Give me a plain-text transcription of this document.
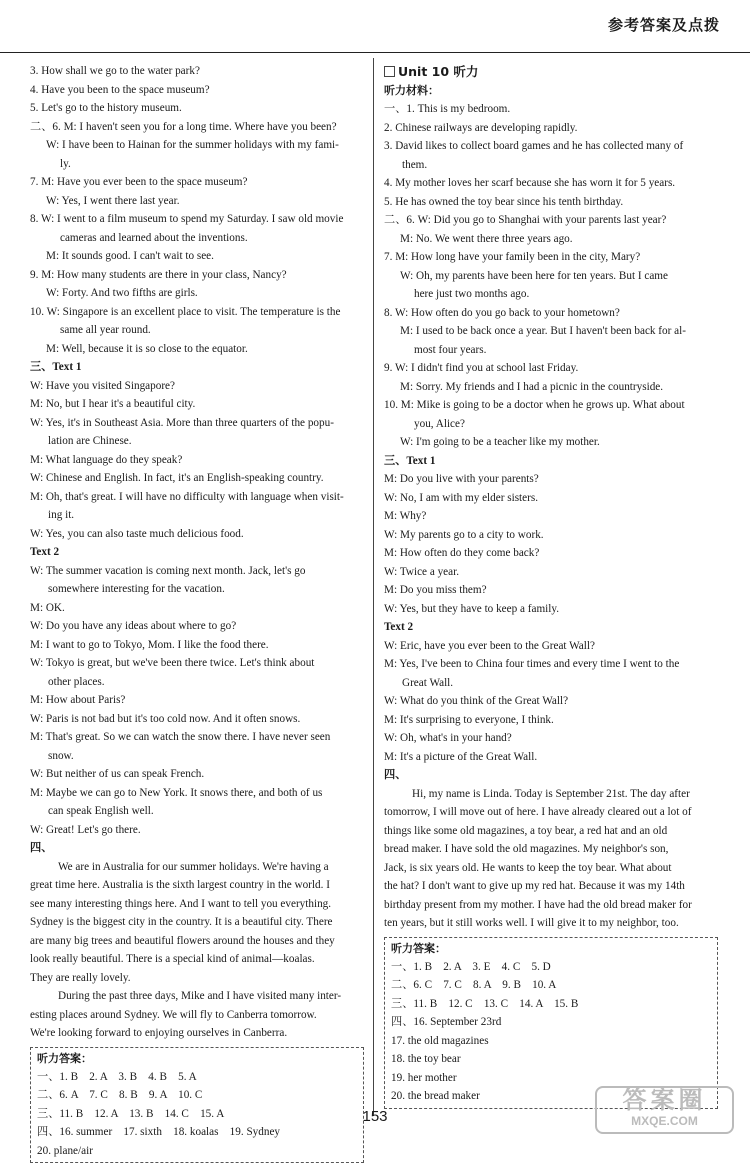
参考答案及点拨
3. How shall we go to the water park?
4. Have you been to the space museum?
5. Let's go to the history museum.
二、6. M: I haven't seen you for a long time. Where have you been?
W: I have been to Hainan for the summer holidays with my fami-
ly.
7. M: Have you ever been to the space museum?
W: Yes, I went there last year.
8. W: I went to a film museum to spend my Saturday. I saw old movie
cameras and learned about the inventions.
M: It sounds good. I can't wait to see.
9. M: How many students are there in your class, Nancy?
W: Forty. And two fifths are girls.
10. W: Singapore is an excellent place to visit. The temperature is the
same all year round.
M: Well, because it is so close to the equator.
三、Text 1
W: Have you visited Singapore?
M: No, but I hear it's a beautiful city.
W: Yes, it's in Southeast Asia. More than three quarters of the popu-
lation are Chinese.
M: What language do they speak?
W: Chinese and English. In fact, it's an English-speaking country.
M: Oh, that's great. I will have no difficulty with language when visit-
ing it.
W: Yes, you can also taste much delicious food.
Text 2
W: The summer vacation is coming next month. Jack, let's go
somewhere interesting for the vacation.
M: OK.
W: Do you have any ideas about where to go?
M: I want to go to Tokyo, Mom. I like the food there.
W: Tokyo is great, but we've been there twice. Let's think about
other places.
M: How about Paris?
W: Paris is not bad but it's too cold now. And it often snows.
M: That's great. So we can watch the snow there. I have never seen
snow.
W: But neither of us can speak French.
M: Maybe we can go to New York. It snows there, and both of us
can speak English well.
W: Great! Let's go there.
四、
We are in Australia for our summer holidays. We're having a
great time here. Australia is the sixth largest country in the world. I
see many interesting things here. And I want to tell you everything.
Sydney is the biggest city in the country. It is a beautiful city. There
are many big trees and beautiful flowers around the houses and they
look really beautiful. There is a special kind of animal—koalas.
They are really lovely.
During the past three days, Mike and I have visited many inter-
esting places around Sydney. We will fly to Canberra tomorrow.
We're looking forward to enjoying ourselves in Canberra.
听力答案：
一、1. B　2. A　3. B　4. B　5. A
二、6. A　7. C　8. B　9. A　10. C
三、11. B　12. A　13. B　14. C　15. A
四、16. summer　17. sixth　18. koalas　19. Sydney
20. plane/air
Unit 10 听力
听力材料：
一、1. This is my bedroom.
2. Chinese railways are developing rapidly.
3. David likes to collect board games and he has collected many of
them.
4. My mother loves her scarf because she has worn it for 5 years.
5. He has owned the toy bear since his tenth birthday.
二、6. W: Did you go to Shanghai with your parents last year?
M: No. We went there three years ago.
7. M: How long have your family been in the city, Mary?
W: Oh, my parents have been here for ten years. But I came
here just two months ago.
8. W: How often do you go back to your hometown?
M: I used to be back once a year. But I haven't been back for al-
most four years.
9. W: I didn't find you at school last Friday.
M: Sorry. My friends and I had a picnic in the countryside.
10. M: Mike is going to be a doctor when he grows up. What about
you, Alice?
W: I'm going to be a teacher like my mother.
三、Text 1
M: Do you live with your parents?
W: No, I am with my elder sisters.
M: Why?
W: My parents go to a city to work.
M: How often do they come back?
W: Twice a year.
M: Do you miss them?
W: Yes, but they have to keep a family.
Text 2
W: Eric, have you ever been to the Great Wall?
M: Yes, I've been to China four times and every time I went to the
Great Wall.
W: What do you think of the Great Wall?
M: It's surprising to everyone, I think.
W: Oh, what's in your hand?
M: It's a picture of the Great Wall.
四、
Hi, my name is Linda. Today is September 21st. The day after
tomorrow, I will move out of here. I have already cleared out a lot of
things like some old magazines, a toy bear, a red hat and an old
bread maker. I have sold the old magazines. My neighbor's son,
Jack, is six years old. He wants to keep the toy bear. What about
the hat? I don't want to give up my red hat. Because it was my 14th
birthday present from my mother. I have had the old bread maker for
ten years, but it still works well. I will give it to my neighbor, too.
听力答案：
一、1. B　2. A　3. E　4. C　5. D
二、6. C　7. C　8. A　9. B　10. A
三、11. B　12. C　13. C　14. A　15. B
四、16. September 23rd
17. the old magazines
18. the toy bear
19. her mother
20. the bread maker
153
答案圈
MXQE.COM
